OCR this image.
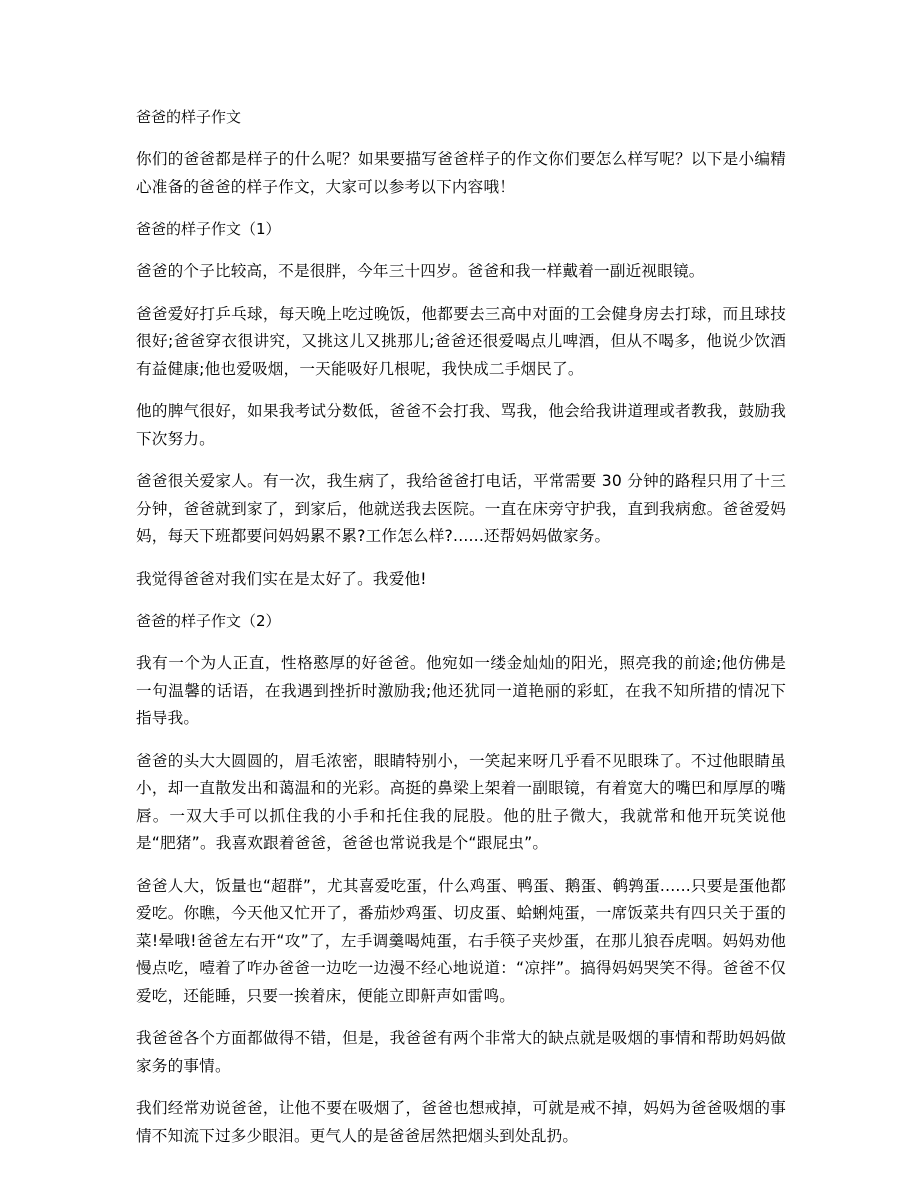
爸爸的样子作文
你们的爸爸都是样子的什么呢？如果要描写爸爸样子的作文你们要怎么样写呢？以下是小编精心准备的爸爸的样子作文，大家可以参考以下内容哦！
爸爸的样子作文（1）
爸爸的个子比较高，不是很胖，今年三十四岁。爸爸和我一样戴着一副近视眼镜。
爸爸爱好打乒乓球，每天晚上吃过晚饭，他都要去三高中对面的工会健身房去打球，而且球技很好;爸爸穿衣很讲究，又挑这儿又挑那儿;爸爸还很爱喝点儿啤酒，但从不喝多，他说少饮酒有益健康;他也爱吸烟，一天能吸好几根呢，我快成二手烟民了。
他的脾气很好，如果我考试分数低，爸爸不会打我、骂我，他会给我讲道理或者教我，鼓励我下次努力。
爸爸很关爱家人。有一次，我生病了，我给爸爸打电话，平常需要 30 分钟的路程只用了十三分钟，爸爸就到家了，到家后，他就送我去医院。一直在床旁守护我，直到我病愈。爸爸爱妈妈，每天下班都要问妈妈累不累?工作怎么样?......还帮妈妈做家务。
我觉得爸爸对我们实在是太好了。我爱他!
爸爸的样子作文（2）
我有一个为人正直，性格憨厚的好爸爸。他宛如一缕金灿灿的阳光，照亮我的前途;他仿佛是一句温馨的话语，在我遇到挫折时激励我;他还犹同一道艳丽的彩虹，在我不知所措的情况下指导我。
爸爸的头大大圆圆的，眉毛浓密，眼睛特别小，一笑起来呀几乎看不见眼珠了。不过他眼睛虽小，却一直散发出和蔼温和的光彩。高挺的鼻梁上架着一副眼镜，有着宽大的嘴巴和厚厚的嘴唇。一双大手可以抓住我的小手和托住我的屁股。他的肚子微大，我就常和他开玩笑说他是“肥猪”。我喜欢跟着爸爸，爸爸也常说我是个“跟屁虫”。
爸爸人大，饭量也“超群”，尤其喜爱吃蛋，什么鸡蛋、鸭蛋、鹅蛋、鹌鹑蛋......只要是蛋他都爱吃。你瞧，今天他又忙开了，番茄炒鸡蛋、切皮蛋、蛤蜊炖蛋，一席饭菜共有四只关于蛋的菜!晕哦!爸爸左右开“攻”了，左手调羹喝炖蛋，右手筷子夹炒蛋，在那儿狼吞虎咽。妈妈劝他慢点吃，噎着了咋办爸爸一边吃一边漫不经心地说道：“凉拌”。搞得妈妈哭笑不得。爸爸不仅爱吃，还能睡，只要一挨着床，便能立即鼾声如雷鸣。
我爸爸各个方面都做得不错，但是，我爸爸有两个非常大的缺点就是吸烟的事情和帮助妈妈做家务的事情。
我们经常劝说爸爸，让他不要在吸烟了，爸爸也想戒掉，可就是戒不掉，妈妈为爸爸吸烟的事情不知流下过多少眼泪。更气人的是爸爸居然把烟头到处乱扔。
